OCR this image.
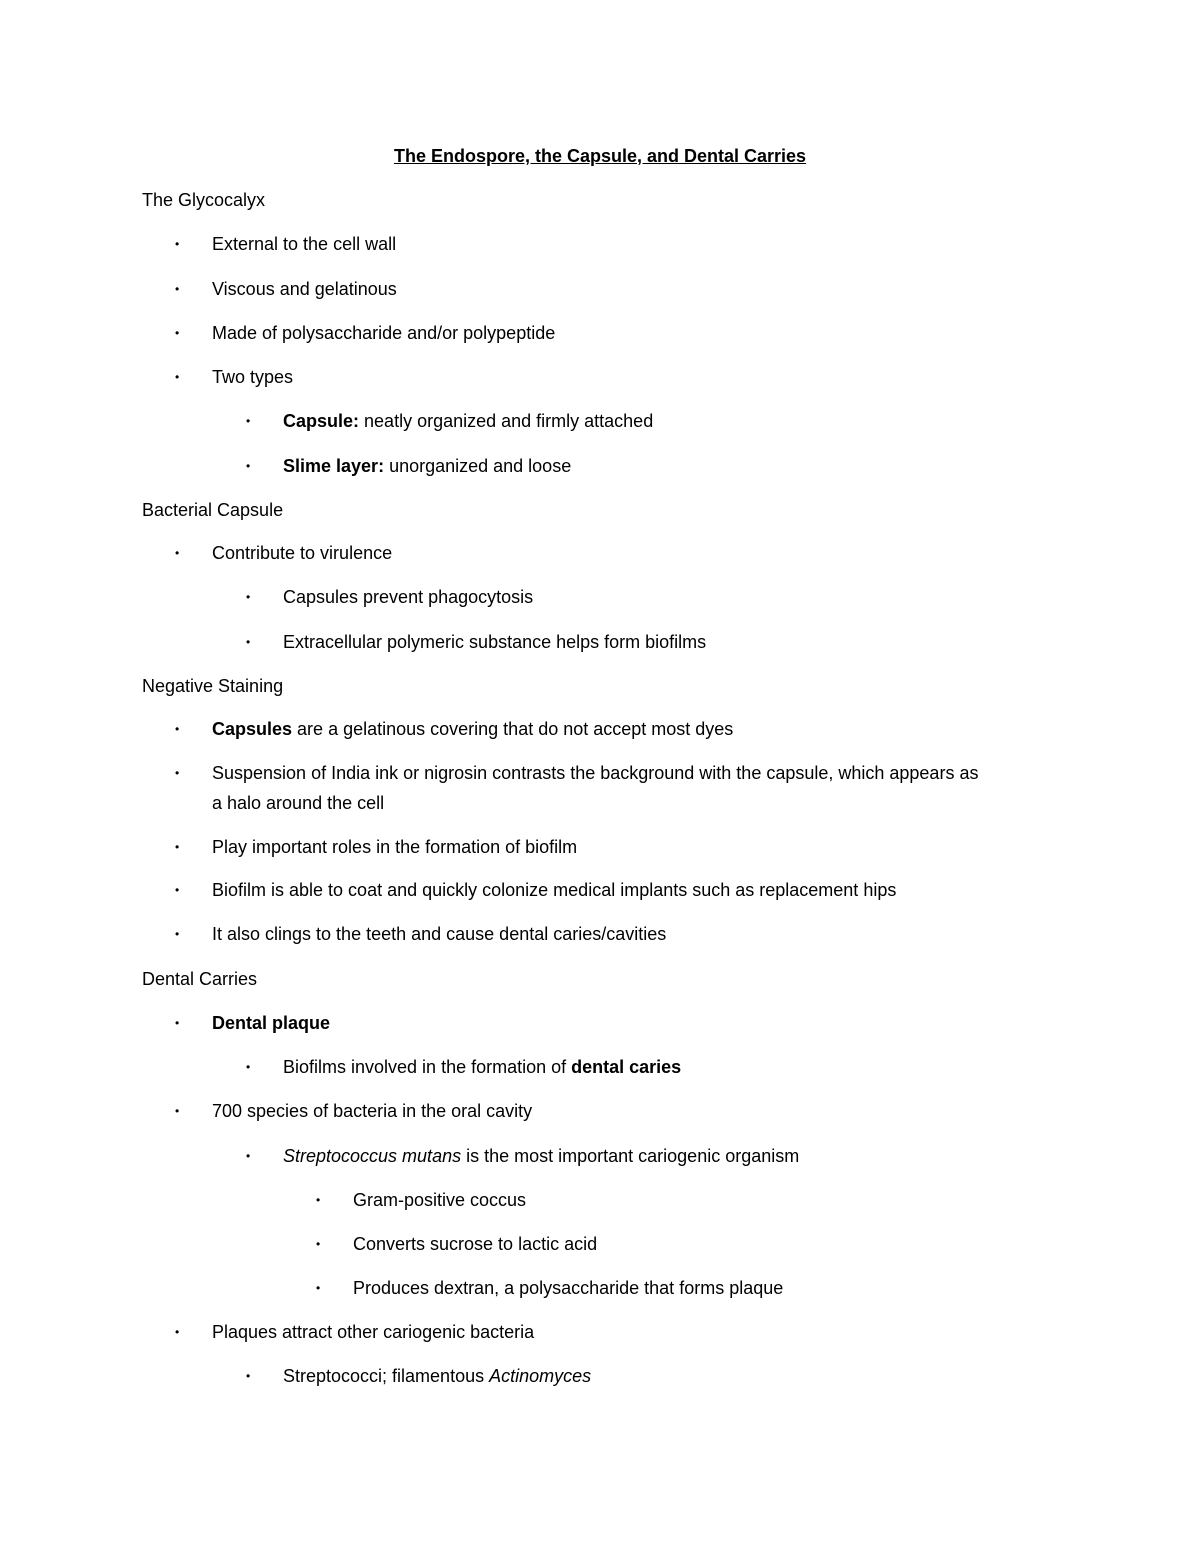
The Endospore, the Capsule, and Dental Carries
The Glycocalyx
• External to the cell wall
• Viscous and gelatinous
• Made of polysaccharide and/or polypeptide
• Two types
• Capsule: neatly organized and firmly attached
• Slime layer: unorganized and loose
Bacterial Capsule
• Contribute to virulence
• Capsules prevent phagocytosis
• Extracellular polymeric substance helps form biofilms
Negative Staining
• Capsules are a gelatinous covering that do not accept most dyes
• Suspension of India ink or nigrosin contrasts the background with the capsule, which appears as
a halo around the cell
• Play important roles in the formation of biofilm
• Biofilm is able to coat and quickly colonize medical implants such as replacement hips
• It also clings to the teeth and cause dental caries/cavities
Dental Carries
• Dental plaque
• Biofilms involved in the formation of dental caries
• 700 species of bacteria in the oral cavity
• Streptococcus mutans is the most important cariogenic organism
• Gram-positive coccus
• Converts sucrose to lactic acid
• Produces dextran, a polysaccharide that forms plaque
• Plaques attract other cariogenic bacteria
• Streptococci; filamentous Actinomyces
